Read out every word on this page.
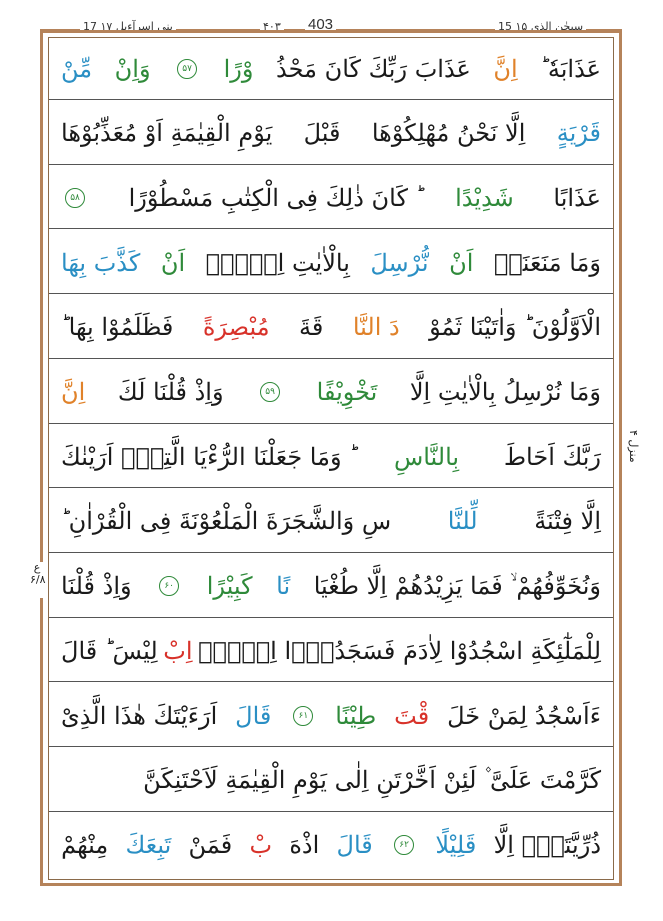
17 بنی اسرآءیل ۱۷	۴۰۳ 403	15 سبحٰن الذی ۱۵
عَذَابَهٗ ؕ
اِنَّ
عَذَابَ رَبِّكَ كَانَ مَحْذُ
وْرًا
۵۷
وَاِنْ
مِّنْ
قَرْيَةٍ
اِلَّا نَحْنُ مُهْلِكُوْهَا
قَبْلَ
يَوْمِ الْقِيٰمَةِ اَوْ مُعَذِّبُوْهَا
عَذَابًا
شَدِيْدًا
ؕ كَانَ ذٰلِكَ فِى الْكِتٰبِ مَسْطُوْرًا
۵۸
وَمَا مَنَعَنَاۤ
اَنْ
نُّرْسِلَ
بِالْاٰيٰتِ اِلَّاۤ
اَنْ
كَذَّبَ بِهَا
الْاَوَّلُوْنَ ؕ وَاٰتَيْنَا ثَمُوْ
دَ النَّا
قَةَ
مُبْصِرَةً
فَظَلَمُوْا بِهَا ؕ
وَمَا نُرْسِلُ بِالْاٰيٰتِ اِلَّا
تَخْوِيْفًا
۵۹
وَاِذْ قُلْنَا لَكَ
اِنَّ
رَبَّكَ اَحَاطَ
بِالنَّاسِ
ؕ وَمَا جَعَلْنَا الرُّءْيَا الَّتِىْۤ اَرَيْنٰكَ
اِلَّا فِتْنَةً
لِّلنَّا
سِ وَالشَّجَرَةَ الْمَلْعُوْنَةَ فِى الْقُرْاٰنِ ؕ
وَنُخَوِّفُهُمْ ۙ فَمَا يَزِيْدُهُمْ اِلَّا طُغْيَا
نًا
كَبِيْرًا
۶۰
وَاِذْ قُلْنَا
لِلْمَلٰٓئِكَةِ اسْجُدُوْا لِاٰدَمَ فَسَجَدُوْۤا اِلَّاۤ
اِبْ
لِيْسَ ؕ قَالَ
ءَاَسْجُدُ لِمَنْ خَلَ
قْتَ
طِيْنًا
۶۱
قَالَ
اَرَءَيْتَكَ هٰذَا الَّذِىْ
كَرَّمْتَ عَلَىَّ ۫ لَئِنْ اَخَّرْتَنِ اِلٰى يَوْمِ الْقِيٰمَةِ لَاَحْتَنِكَنَّ
ذُرِّيَّتَهٗۤ اِلَّا
قَلِيْلًا
۶۲
قَالَ
اذْهَ
بْ
فَمَنْ
تَبِعَكَ
مِنْهُمْ
منزل ۴
ع ۶/۸
